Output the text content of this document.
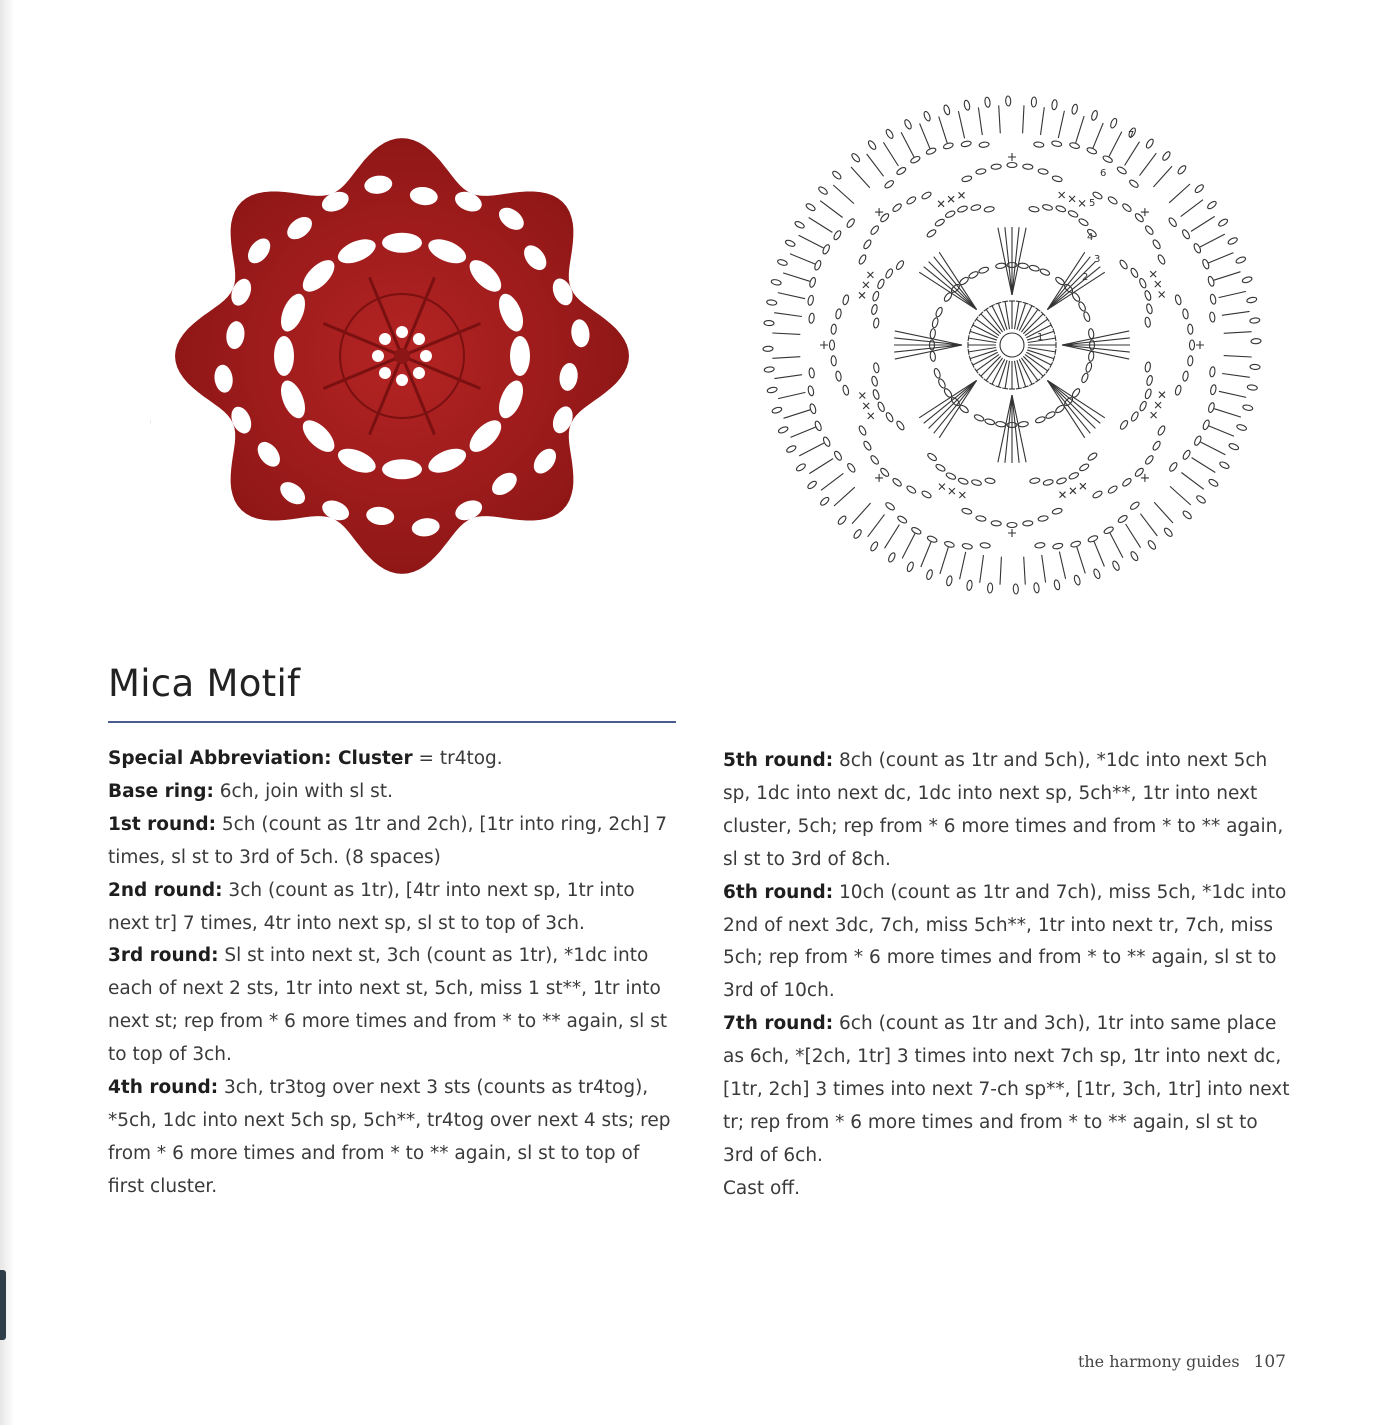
1
2
3
4
5
6
7
Mica Motif

Special Abbreviation: Cluster = tr4tog.

Base ring: 6ch, join with sl st.

1st round: 5ch (count as 1tr and 2ch), [1tr into ring, 2ch] 7 times, sl st to 3rd of 5ch. (8 spaces)

2nd round: 3ch (count as 1tr), [4tr into next sp, 1tr into next tr] 7 times, 4tr into next sp, sl st to top of 3ch.

3rd round: Sl st into next st, 3ch (count as 1tr), *1dc into each of next 2 sts, 1tr into next st, 5ch, miss 1 st**, 1tr into next st; rep from * 6 more times and from * to ** again, sl st to top of 3ch.

4th round: 3ch, tr3tog over next 3 sts (counts as tr4tog), *5ch, 1dc into next 5ch sp, 5ch**, tr4tog over next 4 sts; rep from * 6 more times and from * to ** again, sl st to top of first cluster.

5th round: 8ch (count as 1tr and 5ch), *1dc into next 5ch sp, 1dc into next dc, 1dc into next sp, 5ch**, 1tr into next cluster, 5ch; rep from * 6 more times and from * to ** again, sl st to 3rd of 8ch.

6th round: 10ch (count as 1tr and 7ch), miss 5ch, *1dc into 2nd of next 3dc, 7ch, miss 5ch**, 1tr into next tr, 7ch, miss 5ch; rep from * 6 more times and from * to ** again, sl st to 3rd of 10ch.

7th round: 6ch (count as 1tr and 3ch), 1tr into same place as 6ch, *[2ch, 1tr] 3 times into next 7ch sp, 1tr into next dc, [1tr, 2ch] 3 times into next 7-ch sp**, [1tr, 3ch, 1tr] into next tr; rep from * 6 more times and from * to ** again, sl st to 3rd of 6ch.

Cast off.

the harmony guides 107
